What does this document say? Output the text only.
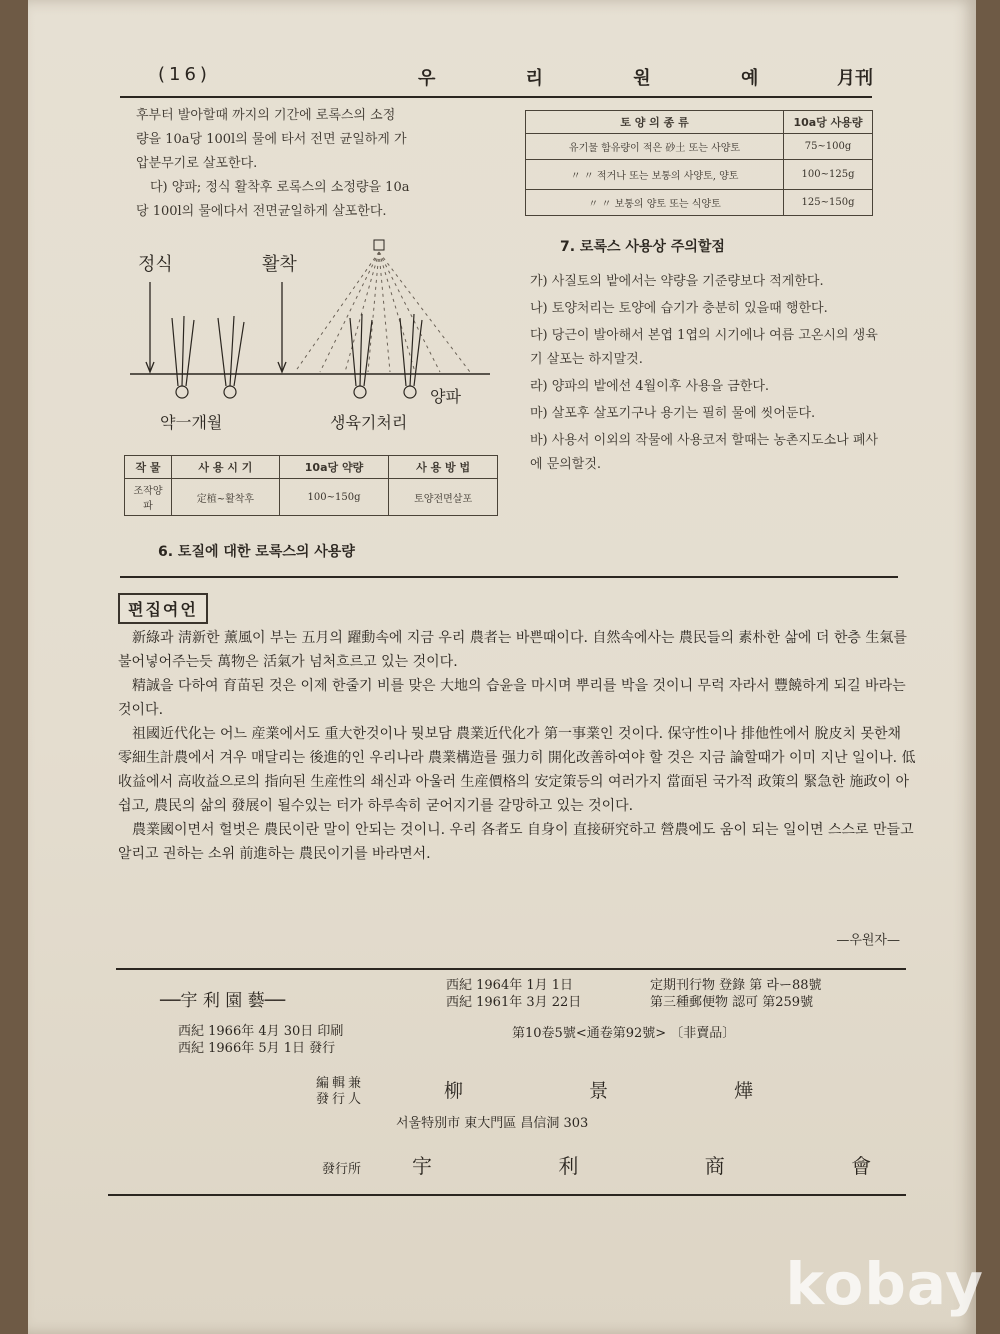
(16)	우 리 원 예 月刊

후부터 발아할때 까지의 기간에 로록스의 소정

량을 10a당 100l의 물에 타서 전면 균일하게 가

압분무기로 살포한다.

다) 양파; 정식 활착후 로록스의 소정량을 10a

당 100l의 물에다서 전면균일하게 살포한다.

정식	활착
약一개월	생육기처리
양파
작 물	사 용 시 기	10a당 약량	사 용 방 법
조작양파	定植~활착후	100~150g	토양전면살포
6. 토질에 대한 로록스의 사용량
토 양 의 종 류	10a당 사용량
유기물 함유량이 적은 砂土 또는 사양토	75~100g
〃 〃 적거나 또는 보통의 사양토, 양토	100~125g
〃 〃 보통의 양토 또는 식양토	125~150g
7. 로록스 사용상 주의할점

가) 사질토의 밭에서는 약량을 기준량보다 적게한다.

나) 토양처리는 토양에 습기가 충분히 있을때 행한다.

다) 당근이 발아해서 본엽 1엽의 시기에나 여름 고온시의 생육기 살포는 하지말것.

라) 양파의 밭에선 4월이후 사용을 금한다.

마) 살포후 살포기구나 용기는 필히 물에 씻어둔다.

바) 사용서 이외의 작물에 사용코저 할때는 농촌지도소나 폐사에 문의할것.

편집여언

新綠과 淸新한 薰風이 부는 五月의 躍動속에 지금 우리 農者는 바쁜때이다. 自然속에사는 農民들의 素朴한 삶에 더 한층 生氣를 불어넣어주는듯 萬物은 活氣가 넘처흐르고 있는 것이다.

精誠을 다하여 育苗된 것은 이제 한줄기 비를 맞은 大地의 습윤을 마시며 뿌리를 박을 것이니 무럭 자라서 豐饒하게 되길 바라는 것이다.

祖國近代化는 어느 産業에서도 重大한것이나 뭣보담 農業近代化가 第一事業인 것이다. 保守性이나 排他性에서 脫皮치 못한채 零細生計農에서 겨우 매달리는 後進的인 우리나라 農業構造를 强力히 開化改善하여야 할 것은 지금 論할때가 이미 지난 일이나. 低收益에서 高收益으로의 指向된 生産性의 쇄신과 아울러 生産價格의 安定策등의 여러가지 當面된 국가적 政策의 緊急한 施政이 아쉽고, 農民의 삶의 發展이 될수있는 터가 하루속히 굳어지기를 갈망하고 있는 것이다.

農業國이면서 헐벗은 農民이란 말이 안되는 것이니. 우리 各者도 自身이 直接研究하고 營農에도 움이 되는 일이면 스스로 만들고 알리고 권하는 소위 前進하는 農民이기를 바라면서.

—우원자—
──宇 利 園 藝──
西紀 1966年 4月 30日 印刷
西紀 1966年 5月 1日 發行
西紀 1964年 1月 1日
西紀 1961年 3月 22日
定期刊行物 登錄 第 라ー88號
第三種郵便物 認可 第259號
第10卷5號<通卷第92號> 〔非賣品〕
編輯兼發行人	柳 景 燁
서울特別市 東大門區 昌信洞 303
發行所	宇 利 商 會
kobay
